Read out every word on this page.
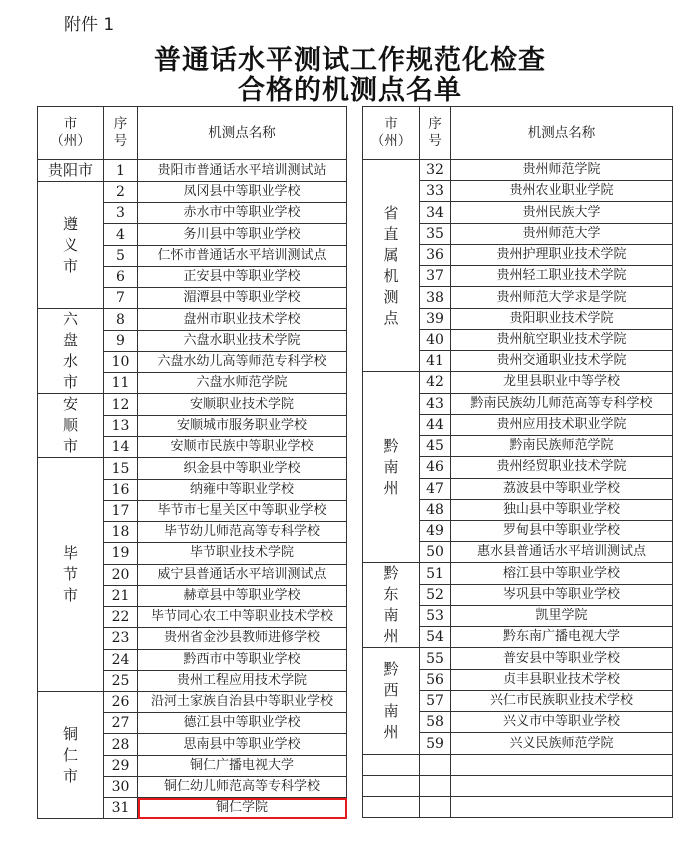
附件 1
普通话水平测试工作规范化检查
合格的机测点名单
市
（州）	序
号	机测点名称
贵阳市	1	贵阳市普通话水平培训测试站
遵义市	2	凤冈县中等职业学校
	3	赤水市中等职业学校
	4	务川县中等职业学校
	5	仁怀市普通话水平培训测试点
	6	正安县中等职业学校
	7	湄潭县中等职业学校
六盘水市	8	盘州市职业技术学校
	9	六盘水职业技术学院
	10	六盘水幼儿高等师范专科学校
	11	六盘水师范学院
安顺市	12	安顺职业技术学院
	13	安顺城市服务职业学校
	14	安顺市民族中等职业学校
毕节市	15	织金县中等职业学校
	16	纳雍中等职业学校
	17	毕节市七星关区中等职业学校
	18	毕节幼儿师范高等专科学校
	19	毕节职业技术学院
	20	威宁县普通话水平培训测试点
	21	赫章县中等职业学校
	22	毕节同心农工中等职业技术学校
	23	贵州省金沙县教师进修学校
	24	黔西市中等职业学校
	25	贵州工程应用技术学院
铜仁市	26	沿河土家族自治县中等职业学校
	27	德江县中等职业学校
	28	思南县中等职业学校
	29	铜仁广播电视大学
	30	铜仁幼儿师范高等专科学校
	31	铜仁学院
市
（州）	序
号	机测点名称
省直属机测点	32	贵州师范学院
	33	贵州农业职业学院
	34	贵州民族大学
	35	贵州师范大学
	36	贵州护理职业技术学院
	37	贵州轻工职业技术学院
	38	贵州师范大学求是学院
	39	贵阳职业技术学院
	40	贵州航空职业技术学院
	41	贵州交通职业技术学院
黔南州	42	龙里县职业中等学校
	43	黔南民族幼儿师范高等专科学校
	44	贵州应用技术职业学院
	45	黔南民族师范学院
	46	贵州经贸职业技术学院
	47	荔波县中等职业学校
	48	独山县中等职业学校
	49	罗甸县中等职业学校
	50	惠水县普通话水平培训测试点
黔东南州	51	榕江县中等职业学校
	52	岑巩县中等职业学校
	53	凯里学院
	54	黔东南广播电视大学
黔西南州	55	普安县中等职业学校
	56	贞丰县职业技术学校
	57	兴仁市民族职业技术学校
	58	兴义市中等职业学校
	59	兴义民族师范学院
